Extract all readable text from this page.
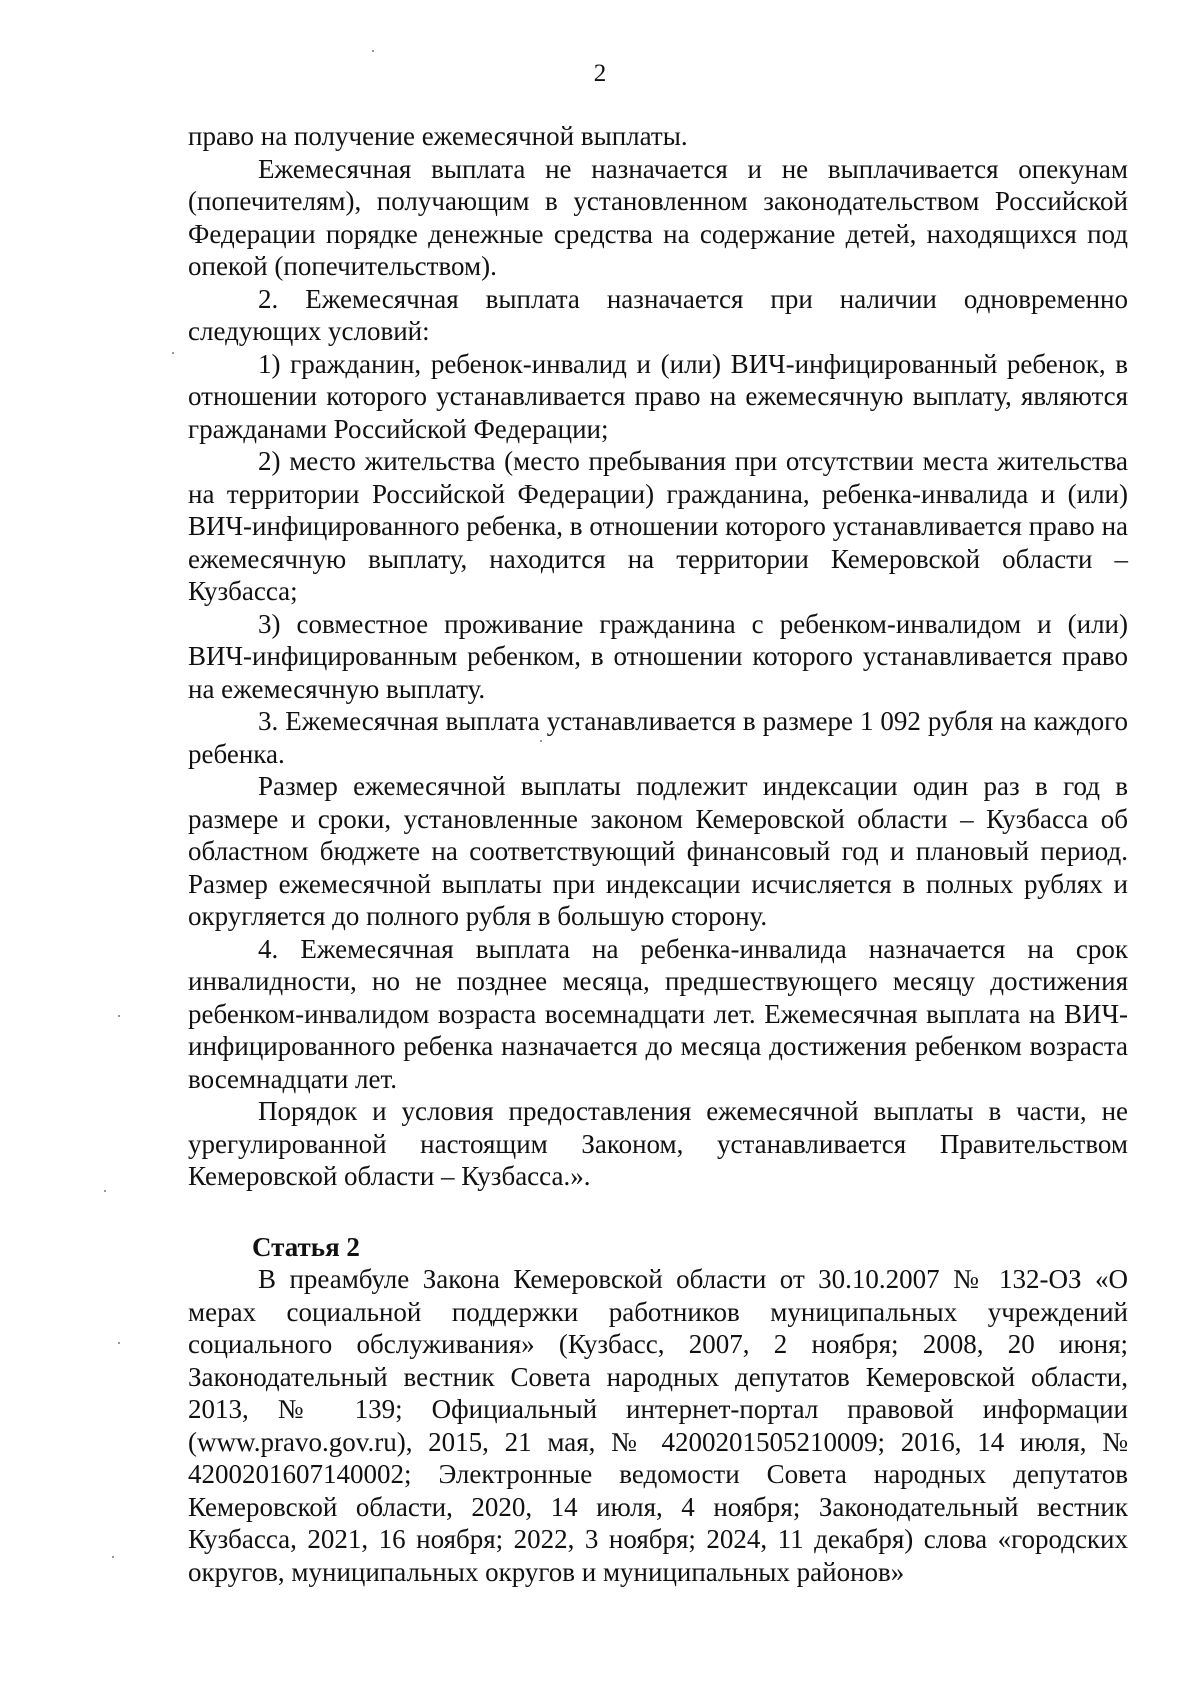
2

право на получение ежемесячной выплаты.

Ежемесячная выплата не назначается и не выплачивается опекунам (попечителям), получающим в установленном законодательством Российской Федерации порядке денежные средства на содержание детей, находящихся под опекой (попечительством).

2. Ежемесячная выплата назначается при наличии одновременно следующих условий:

1) гражданин, ребенок-инвалид и (или) ВИЧ-инфицированный ребенок, в отношении которого устанавливается право на ежемесячную выплату, являются гражданами Российской Федерации;

2) место жительства (место пребывания при отсутствии места жительства на территории Российской Федерации) гражданина, ребенка-инвалида и (или) ВИЧ-инфицированного ребенка, в отношении которого устанавливается право на ежемесячную выплату, находится на территории Кемеровской области – Кузбасса;

3) совместное проживание гражданина с ребенком-инвалидом и (или) ВИЧ-инфицированным ребенком, в отношении которого устанавливается право на ежемесячную выплату.

3. Ежемесячная выплата устанавливается в размере 1 092 рубля на каждого ребенка.

Размер ежемесячной выплаты подлежит индексации один раз в год в размере и сроки, установленные законом Кемеровской области – Кузбасса об областном бюджете на соответствующий финансовый год и плановый период. Размер ежемесячной выплаты при индексации исчисляется в полных рублях и округляется до полного рубля в большую сторону.

4. Ежемесячная выплата на ребенка-инвалида назначается на срок инвалидности, но не позднее месяца, предшествующего месяцу достижения ребенком-инвалидом возраста восемнадцати лет. Ежемесячная выплата на ВИЧ-инфицированного ребенка назначается до месяца достижения ребенком возраста восемнадцати лет.

Порядок и условия предоставления ежемесячной выплаты в части, не урегулированной настоящим Законом, устанавливается Правительством Кемеровской области – Кузбасса.».

Статья 2

В преамбуле Закона Кемеровской области от 30.10.2007 № 132-ОЗ «О мерах социальной поддержки работников муниципальных учреждений социального обслуживания» (Кузбасс, 2007, 2 ноября; 2008, 20 июня; Законодательный вестник Совета народных депутатов Кемеровской области, 2013, № 139; Официальный интернет-портал правовой информации (www.pravo.gov.ru), 2015, 21 мая, № 4200201505210009; 2016, 14 июля, № 4200201607140002; Электронные ведомости Совета народных депутатов Кемеровской области, 2020, 14 июля, 4 ноября; Законодательный вестник Кузбасса, 2021, 16 ноября; 2022, 3 ноября; 2024, 11 декабря) слова «городских округов, муниципальных округов и муниципальных районов»
